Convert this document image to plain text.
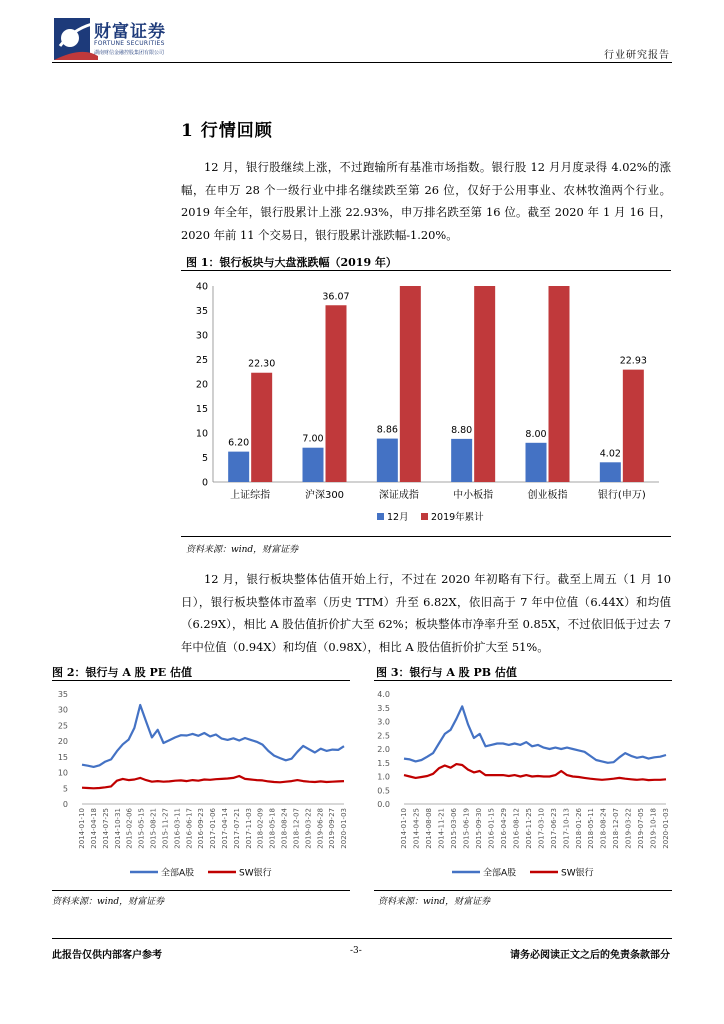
财富证券
FORTUNE SECURITIES
湖南财信金融控股集团有限公司	行业研究报告
1 行情回顾

12 月，银行股继续上涨，不过跑输所有基准市场指数。银行股 12 月月度录得 4.02%的涨幅，在申万 28 个一级行业中排名继续跌至第 26 位，仅好于公用事业、农林牧渔两个行业。2019 年全年，银行股累计上涨 22.93%，申万排名跌至第 16 位。截至 2020 年 1 月 16 日，2020 年前 11 个交易日，银行股累计涨跌幅-1.20%。

图 1：银行板块与大盘涨跌幅（2019 年）
0
5
10
15
20
25
30
35
40
6.20
22.30
上证综指
7.00
36.07
沪深300
8.86
深证成指
8.80
中小板指
8.00
创业板指
4.02
22.93
银行(申万)
12月 2019年累计
资料来源：wind，财富证券

12 月，银行板块整体估值开始上行，不过在 2020 年初略有下行。截至上周五（1 月 10 日），银行板块整体市盈率（历史 TTM）升至 6.82X，依旧高于 7 年中位值（6.44X）和均值（6.29X），相比 A 股估值折价扩大至 62%；板块整体市净率升至 0.85X，不过依旧低于过去 7 年中位值（0.94X）和均值（0.98X），相比 A 股估值折价扩大至 51%。

图 2：银行与 A 股 PE 估值
0
5
10
15
20
25
30
35
2014-01-10 2014-04-18 2014-07-25 2014-10-31 2015-02-06 2015-05-15 2015-08-21 2015-11-27 2016-03-11 2016-06-17 2016-09-23 2017-01-06 2017-04-14 2017-07-21 2017-11-03 2018-02-09 2018-05-18 2018-08-24 2018-12-07 2019-03-22 2019-06-28 2019-09-27 2020-01-03
全部A股	SW银行
资料来源：wind，财富证券
图 3：银行与 A 股 PB 估值
0.0
0.5
1.0
1.5
2.0
2.5
3.0
3.5
4.0
2014-01-10 2014-04-25 2014-08-08 2014-11-21 2015-03-06 2015-06-19 2015-09-30 2016-01-15 2016-04-29 2016-08-12 2016-11-25 2017-03-10 2017-06-23 2017-10-13 2018-01-26 2018-05-11 2018-08-24 2018-12-07 2019-03-22 2019-07-05 2019-10-18 2020-01-03
全部A股	SW银行
资料来源：wind，财富证券
此报告仅供内部客户参考	-3-	请务必阅读正文之后的免责条款部分
